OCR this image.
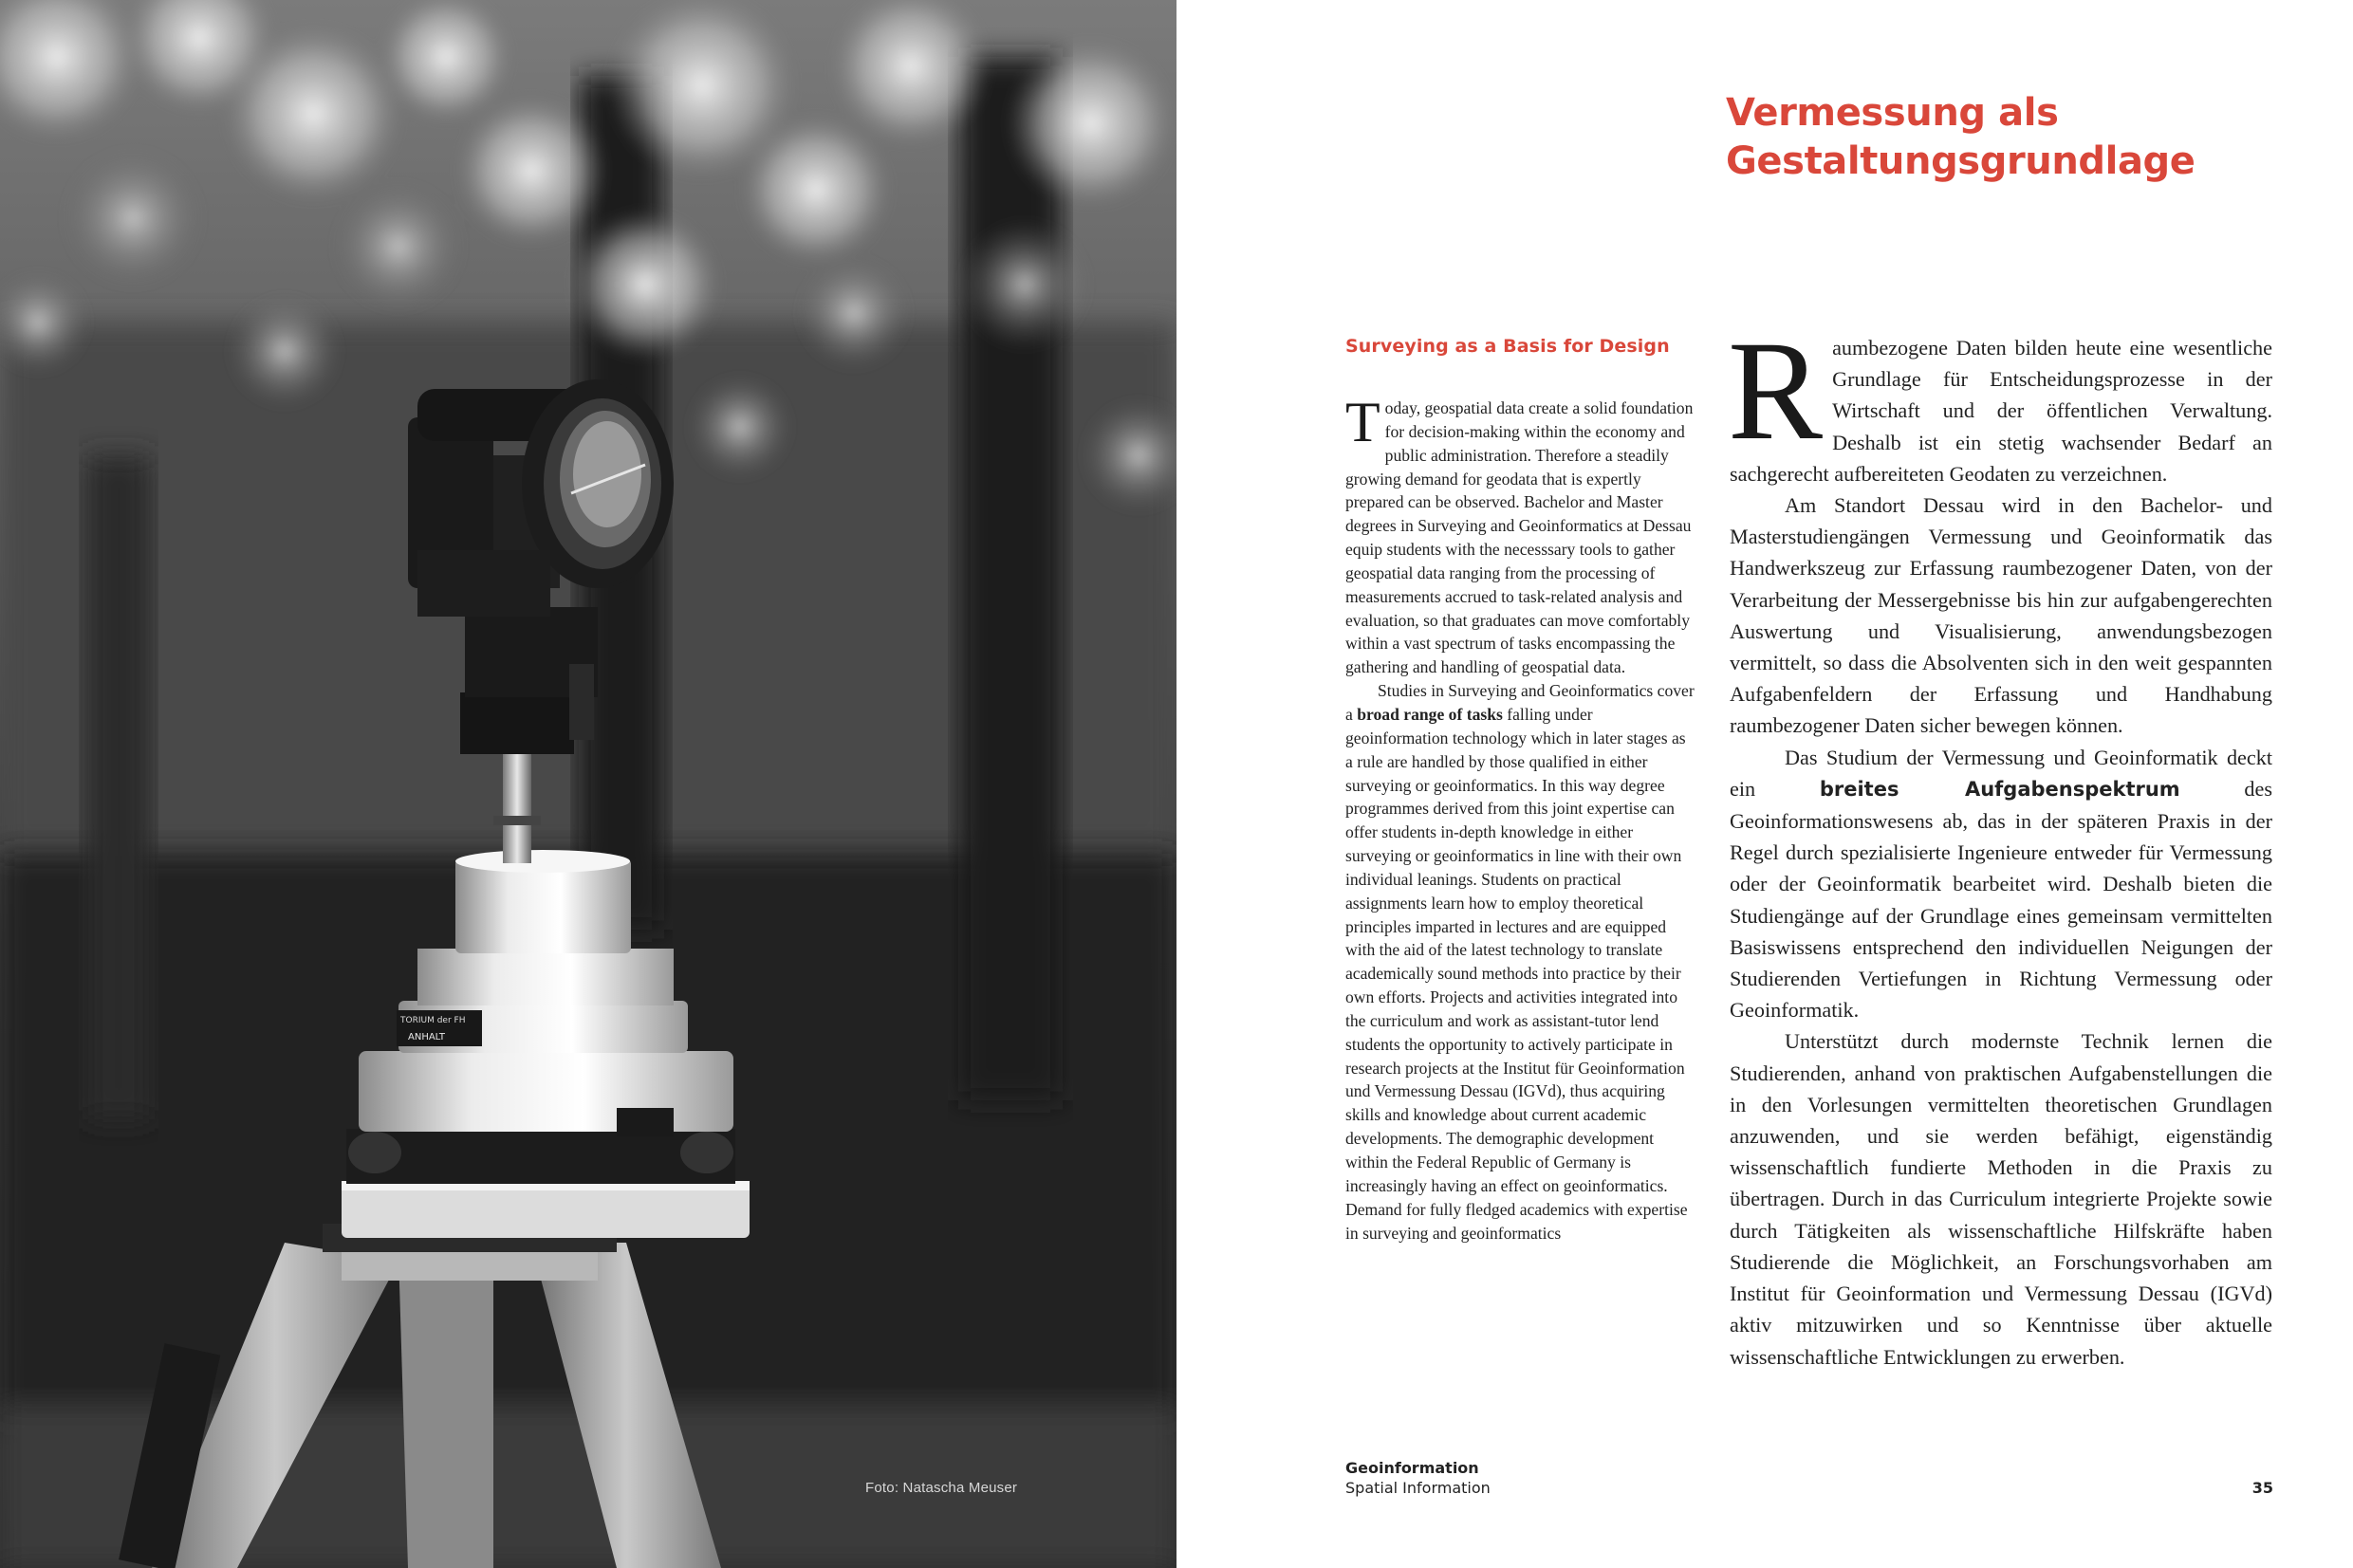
TORIUM der FH
ANHALT
Foto: Natascha Meuser
Vermessung als
Gestaltungsgrundlage
Surveying as a Basis for Design

Today, geospatial data create a solid foundation for decision-making within the economy and public administration. Therefore a steadily growing demand for geodata that is expertly prepared can be observed. Bachelor and Master degrees in Surveying and Geoinformatics at Dessau equip students with the necesssary tools to gather geospatial data ranging from the processing of measurements accrued to task-related analysis and evaluation, so that graduates can move comfortably within a vast spectrum of tasks encompassing the gathering and handling of geospatial data.

Studies in Surveying and Geoinformatics cover a broad range of tasks falling under geoinformation technology which in later stages as a rule are handled by those qualified in either surveying or geoinformatics. In this way degree programmes derived from this joint expertise can offer students in-depth knowledge in either surveying or geoinformatics in line with their own individual leanings. Students on practical assignments learn how to employ theoretical principles imparted in lectures and are equipped with the aid of the latest technology to translate academically sound methods into practice by their own efforts. Projects and activities integrated into the curriculum and work as assistant-tutor lend students the opportunity to actively participate in research projects at the Institut für Geoinformation und Vermessung Dessau (IGVd), thus acquiring skills and knowledge about current academic developments. The demographic development within the Federal Republic of Germany is increasingly having an effect on geoinformatics. Demand for fully fledged academics with expertise in surveying and geoinformatics

Raumbezogene Daten bilden heute eine wesentliche Grundlage für Entscheidungsprozesse in der Wirtschaft und der öffentlichen Verwaltung. Deshalb ist ein stetig wachsender Bedarf an sachgerecht aufbereiteten Geodaten zu verzeichnen.

Am Standort Dessau wird in den Bachelor- und Masterstudiengängen Vermessung und Geoinformatik das Handwerkszeug zur Erfassung raumbezogener Daten, von der Verarbeitung der Messergebnisse bis hin zur aufgabengerechten Auswertung und Visualisierung, anwendungsbezogen vermittelt, so dass die Absolventen sich in den weit gespannten Aufgabenfeldern der Erfassung und Handhabung raumbezogener Daten sicher bewegen können.

Das Studium der Vermessung und Geoinformatik deckt ein breites Aufgabenspektrum des Geoinformationswesens ab, das in der späteren Praxis in der Regel durch spezialisierte Ingenieure entweder für Vermessung oder der Geoinformatik bearbeitet wird. Deshalb bieten die Studiengänge auf der Grundlage eines gemeinsam vermittelten Basiswissens entsprechend den individuellen Neigungen der Studierenden Vertiefungen in Richtung Vermessung oder Geoinformatik.

Unterstützt durch modernste Technik lernen die Studierenden, anhand von praktischen Aufgabenstellungen die in den Vorlesungen vermittelten theoretischen Grundlagen anzuwenden, und sie werden befähigt, eigenständig wissenschaftlich fundierte Methoden in die Praxis zu übertragen. Durch in das Curriculum integrierte Projekte sowie durch Tätigkeiten als wissenschaftliche Hilfskräfte haben Studierende die Möglichkeit, an Forschungsvorhaben am Institut für Geoinformation und Vermessung Dessau (IGVd) aktiv mitzuwirken und so Kenntnisse über aktuelle wissenschaftliche Entwicklungen zu erwerben.

Geoinformation
Spatial Information	35
